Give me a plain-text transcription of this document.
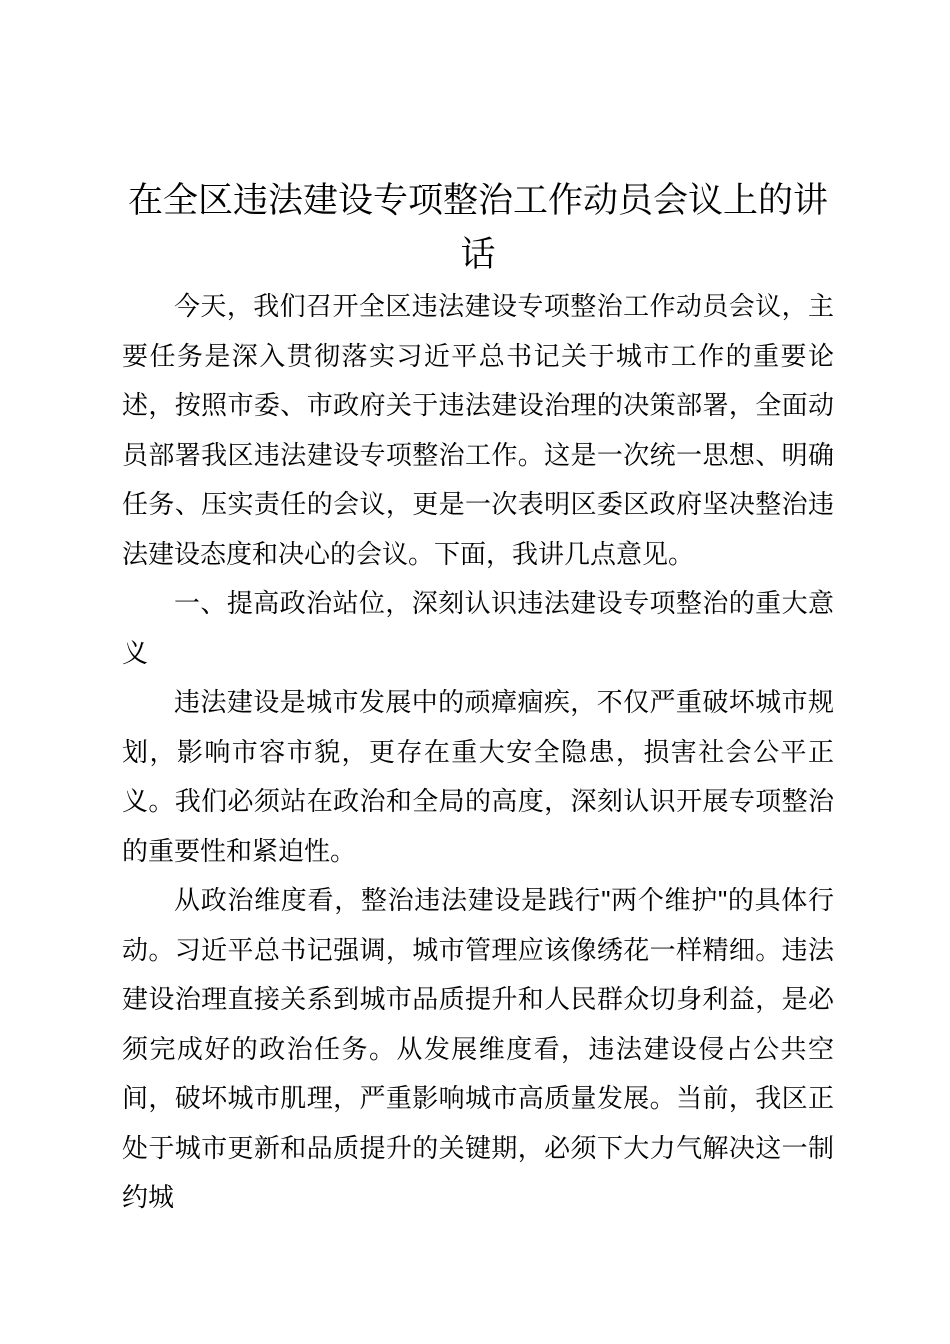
在全区违法建设专项整治工作动员会议上的讲话

今天，我们召开全区违法建设专项整治工作动员会议，主要任务是深入贯彻落实习近平总书记关于城市工作的重要论述，按照市委、市政府关于违法建设治理的决策部署，全面动员部署我区违法建设专项整治工作。这是一次统一思想、明确任务、压实责任的会议，更是一次表明区委区政府坚决整治违法建设态度和决心的会议。下面，我讲几点意见。

一、提高政治站位，深刻认识违法建设专项整治的重大意义

违法建设是城市发展中的顽瘴痼疾，不仅严重破坏城市规划，影响市容市貌，更存在重大安全隐患，损害社会公平正义。我们必须站在政治和全局的高度，深刻认识开展专项整治的重要性和紧迫性。

从政治维度看，整治违法建设是践行"两个维护"的具体行动。习近平总书记强调，城市管理应该像绣花一样精细。违法建设治理直接关系到城市品质提升和人民群众切身利益，是必须完成好的政治任务。从发展维度看，违法建设侵占公共空间，破坏城市肌理，严重影响城市高质量发展。当前，我区正处于城市更新和品质提升的关键期，必须下大力气解决这一制约城
